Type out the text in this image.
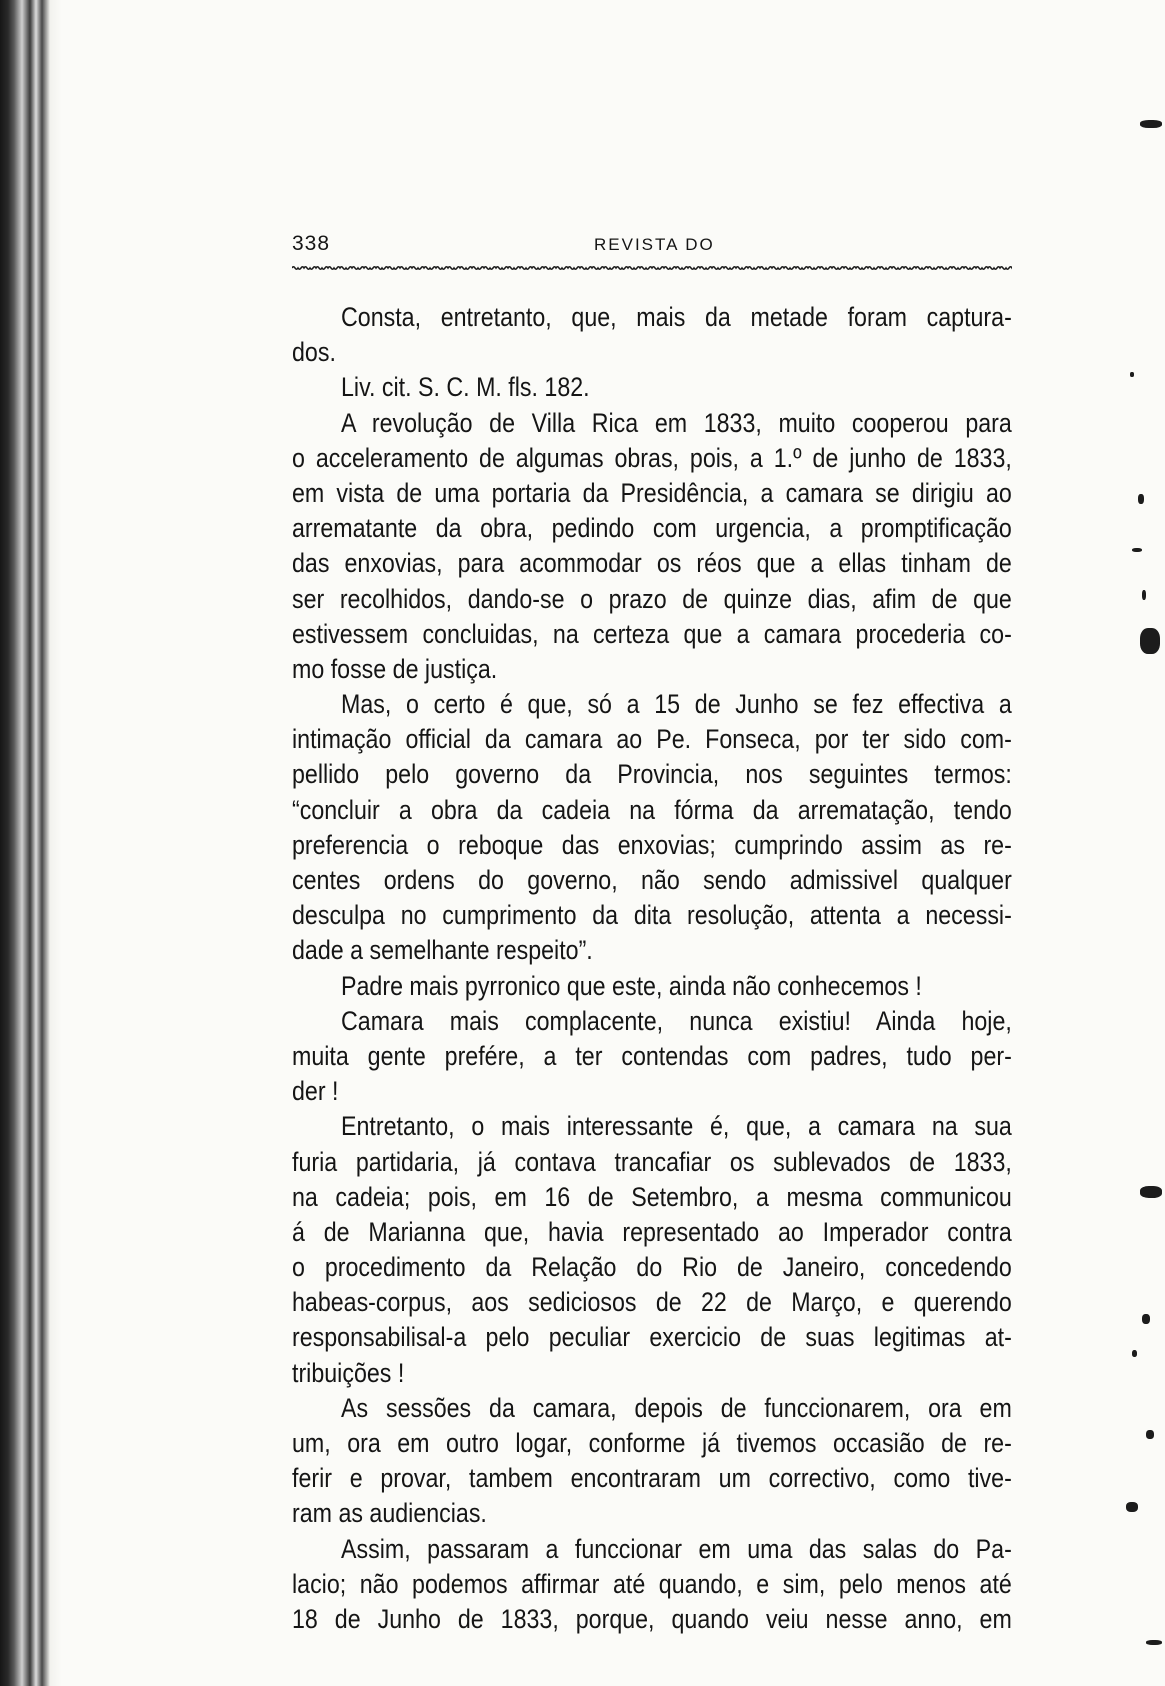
338	REVISTA DO
Consta, entretanto, que, mais da metade foram captura-
dos.
Liv. cit. S. C. M. fls. 182.
A revolução de Villa Rica em 1833, muito cooperou para
o acceleramento de algumas obras, pois, a 1.º de junho de 1833,
em vista de uma portaria da Presidência, a camara se dirigiu ao
arrematante da obra, pedindo com urgencia, a promptificação
das enxovias, para acommodar os réos que a ellas tinham de
ser recolhidos, dando-se o prazo de quinze dias, afim de que
estivessem concluidas, na certeza que a camara procederia co-
mo fosse de justiça.
Mas, o certo é que, só a 15 de Junho se fez effectiva a
intimação official da camara ao Pe. Fonseca, por ter sido com-
pellido pelo governo da Provincia, nos seguintes termos:
“concluir a obra da cadeia na fórma da arrematação, tendo
preferencia o reboque das enxovias; cumprindo assim as re-
centes ordens do governo, não sendo admissivel qualquer
desculpa no cumprimento da dita resolução, attenta a necessi-
dade a semelhante respeito”.
Padre mais pyrronico que este, ainda não conhecemos !
Camara mais complacente, nunca existiu! Ainda hoje,
muita gente prefére, a ter contendas com padres, tudo per-
der !
Entretanto, o mais interessante é, que, a camara na sua
furia partidaria, já contava trancafiar os sublevados de 1833,
na cadeia; pois, em 16 de Setembro, a mesma communicou
á de Marianna que, havia representado ao Imperador contra
o procedimento da Relação do Rio de Janeiro, concedendo
habeas-corpus, aos sediciosos de 22 de Março, e querendo
responsabilisal-a pelo peculiar exercicio de suas legitimas at-
tribuições !
As sessões da camara, depois de funccionarem, ora em
um, ora em outro logar, conforme já tivemos occasião de re-
ferir e provar, tambem encontraram um correctivo, como tive-
ram as audiencias.
Assim, passaram a funccionar em uma das salas do Pa-
lacio; não podemos affirmar até quando, e sim, pelo menos até
18 de Junho de 1833, porque, quando veiu nesse anno, em
